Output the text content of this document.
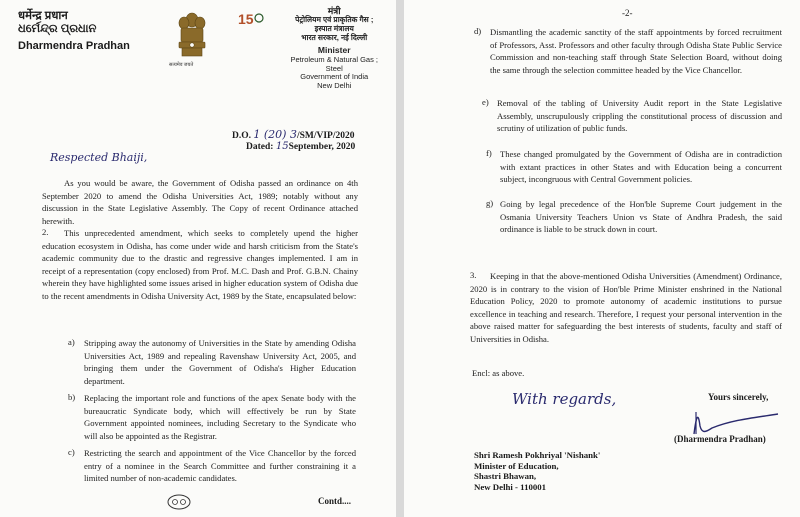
धर्मेन्द्र प्रधान
ଧର୍ମେନ୍ଦ୍ର ପ୍ରଧାନ
Dharmendra Pradhan
सत्यमेव जयते
15	मंत्री
पेट्रोलियम एवं प्राकृतिक गैस ;
इस्पात मंत्रालय
भारत सरकार, नई दिल्ली
Minister
Petroleum & Natural Gas ;
Steel
Government of India
New Delhi
D.O. 1 (20) 3/SM/VIP/2020
Dated: 15September, 2020
Respected Bhaiji,
As you would be aware, the Government of Odisha passed an ordinance on 4th September 2020 to amend the Odisha Universities Act, 1989; notably without any discussion in the State Legislative Assembly. The Copy of recent Ordinance attached herewith.
2.	This unprecedented amendment, which seeks to completely upend the higher education ecosystem in Odisha, has come under wide and harsh criticism from the State's academic community due to the drastic and regressive changes implemented. I am in receipt of a representation (copy enclosed) from Prof. M.C. Dash and Prof. G.B.N. Chainy wherein they have highlighted some issues arised in higher education system of Odisha due to the recent amendments in Odisha University Act, 1989 by the State, encapsulated below:
a) Stripping away the autonomy of Universities in the State by amending Odisha Universities Act, 1989 and repealing Ravenshaw University Act, 2005, and bringing them under the Government of Odisha's Higher Education department.
b) Replacing the important role and functions of the apex Senate body with the bureaucratic Syndicate body, which will effectively be run by State Government appointed nominees, including Secretary to the Syndicate who will also be appointed as the Registrar.
c) Restricting the search and appointment of the Vice Chancellor by the forced entry of a nominee in the Search Committee and further constraining it a limited number of non-academic candidates.
Contd....
-2-
d) Dismantling the academic sanctity of the staff appointments by forced recruitment of Professors, Asst. Professors and other faculty through Odisha State Public Service Commission and non-teaching staff through State Selection Board, without doing the same through the selection committee headed by the Vice Chancellor.
e) Removal of the tabling of University Audit report in the State Legislative Assembly, unscrupulously crippling the constitutional process of discussion and scrutiny of utilization of public funds.
f) These changed promulgated by the Government of Odisha are in contradiction with extant practices in other States and with Education being a concurrent subject, incongruous with Central Government policies.
g) Going by legal precedence of the Hon'ble Supreme Court judgement in the Osmania University Teachers Union vs State of Andhra Pradesh, the said ordinance is liable to be struck down in court.
3.	Keeping in that the above-mentioned Odisha Universities (Amendment) Ordinance, 2020 is in contrary to the vision of Hon'ble Prime Minister enshrined in the National Education Policy, 2020 to promote autonomy of academic institutions to pursue excellence in teaching and research. Therefore, I request your personal intervention in the above raised matter for safeguarding the best interests of students, faculty and staff of Universities in Odisha.
Encl: as above.
With regards,	Yours sincerely,
(Dharmendra Pradhan)
Shri Ramesh Pokhriyal 'Nishank'
Minister of Education,
Shastri Bhawan,
New Delhi - 110001
